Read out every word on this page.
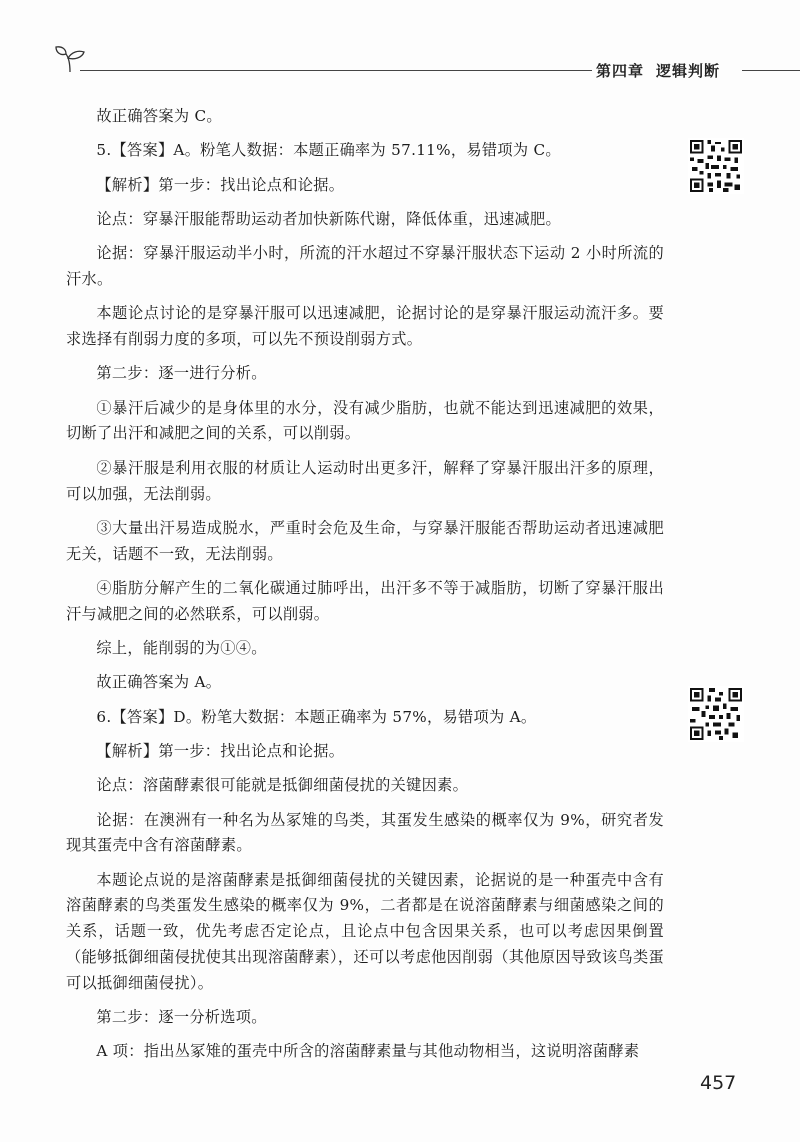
第四章 逻辑判断

故正确答案为 C。

5.【答案】A。粉笔人数据：本题正确率为 57.11%，易错项为 C。

【解析】第一步：找出论点和论据。

论点：穿暴汗服能帮助运动者加快新陈代谢，降低体重，迅速减肥。

论据：穿暴汗服运动半小时，所流的汗水超过不穿暴汗服状态下运动 2 小时所流的汗水。

本题论点讨论的是穿暴汗服可以迅速减肥，论据讨论的是穿暴汗服运动流汗多。要求选择有削弱力度的多项，可以先不预设削弱方式。

第二步：逐一进行分析。

①暴汗后减少的是身体里的水分，没有减少脂肪，也就不能达到迅速减肥的效果，切断了出汗和减肥之间的关系，可以削弱。

②暴汗服是利用衣服的材质让人运动时出更多汗，解释了穿暴汗服出汗多的原理，可以加强，无法削弱。

③大量出汗易造成脱水，严重时会危及生命，与穿暴汗服能否帮助运动者迅速减肥无关，话题不一致，无法削弱。

④脂肪分解产生的二氧化碳通过肺呼出，出汗多不等于减脂肪，切断了穿暴汗服出汗与减肥之间的必然联系，可以削弱。

综上，能削弱的为①④。

故正确答案为 A。

6.【答案】D。粉笔大数据：本题正确率为 57%，易错项为 A。

【解析】第一步：找出论点和论据。

论点：溶菌酵素很可能就是抵御细菌侵扰的关键因素。

论据：在澳洲有一种名为丛冢雉的鸟类，其蛋发生感染的概率仅为 9%，研究者发现其蛋壳中含有溶菌酵素。

本题论点说的是溶菌酵素是抵御细菌侵扰的关键因素，论据说的是一种蛋壳中含有溶菌酵素的鸟类蛋发生感染的概率仅为 9%，二者都是在说溶菌酵素与细菌感染之间的关系，话题一致，优先考虑否定论点，且论点中包含因果关系，也可以考虑因果倒置（能够抵御细菌侵扰使其出现溶菌酵素），还可以考虑他因削弱（其他原因导致该鸟类蛋可以抵御细菌侵扰）。

第二步：逐一分析选项。

A 项：指出丛冢雉的蛋壳中所含的溶菌酵素量与其他动物相当，这说明溶菌酵素

457
